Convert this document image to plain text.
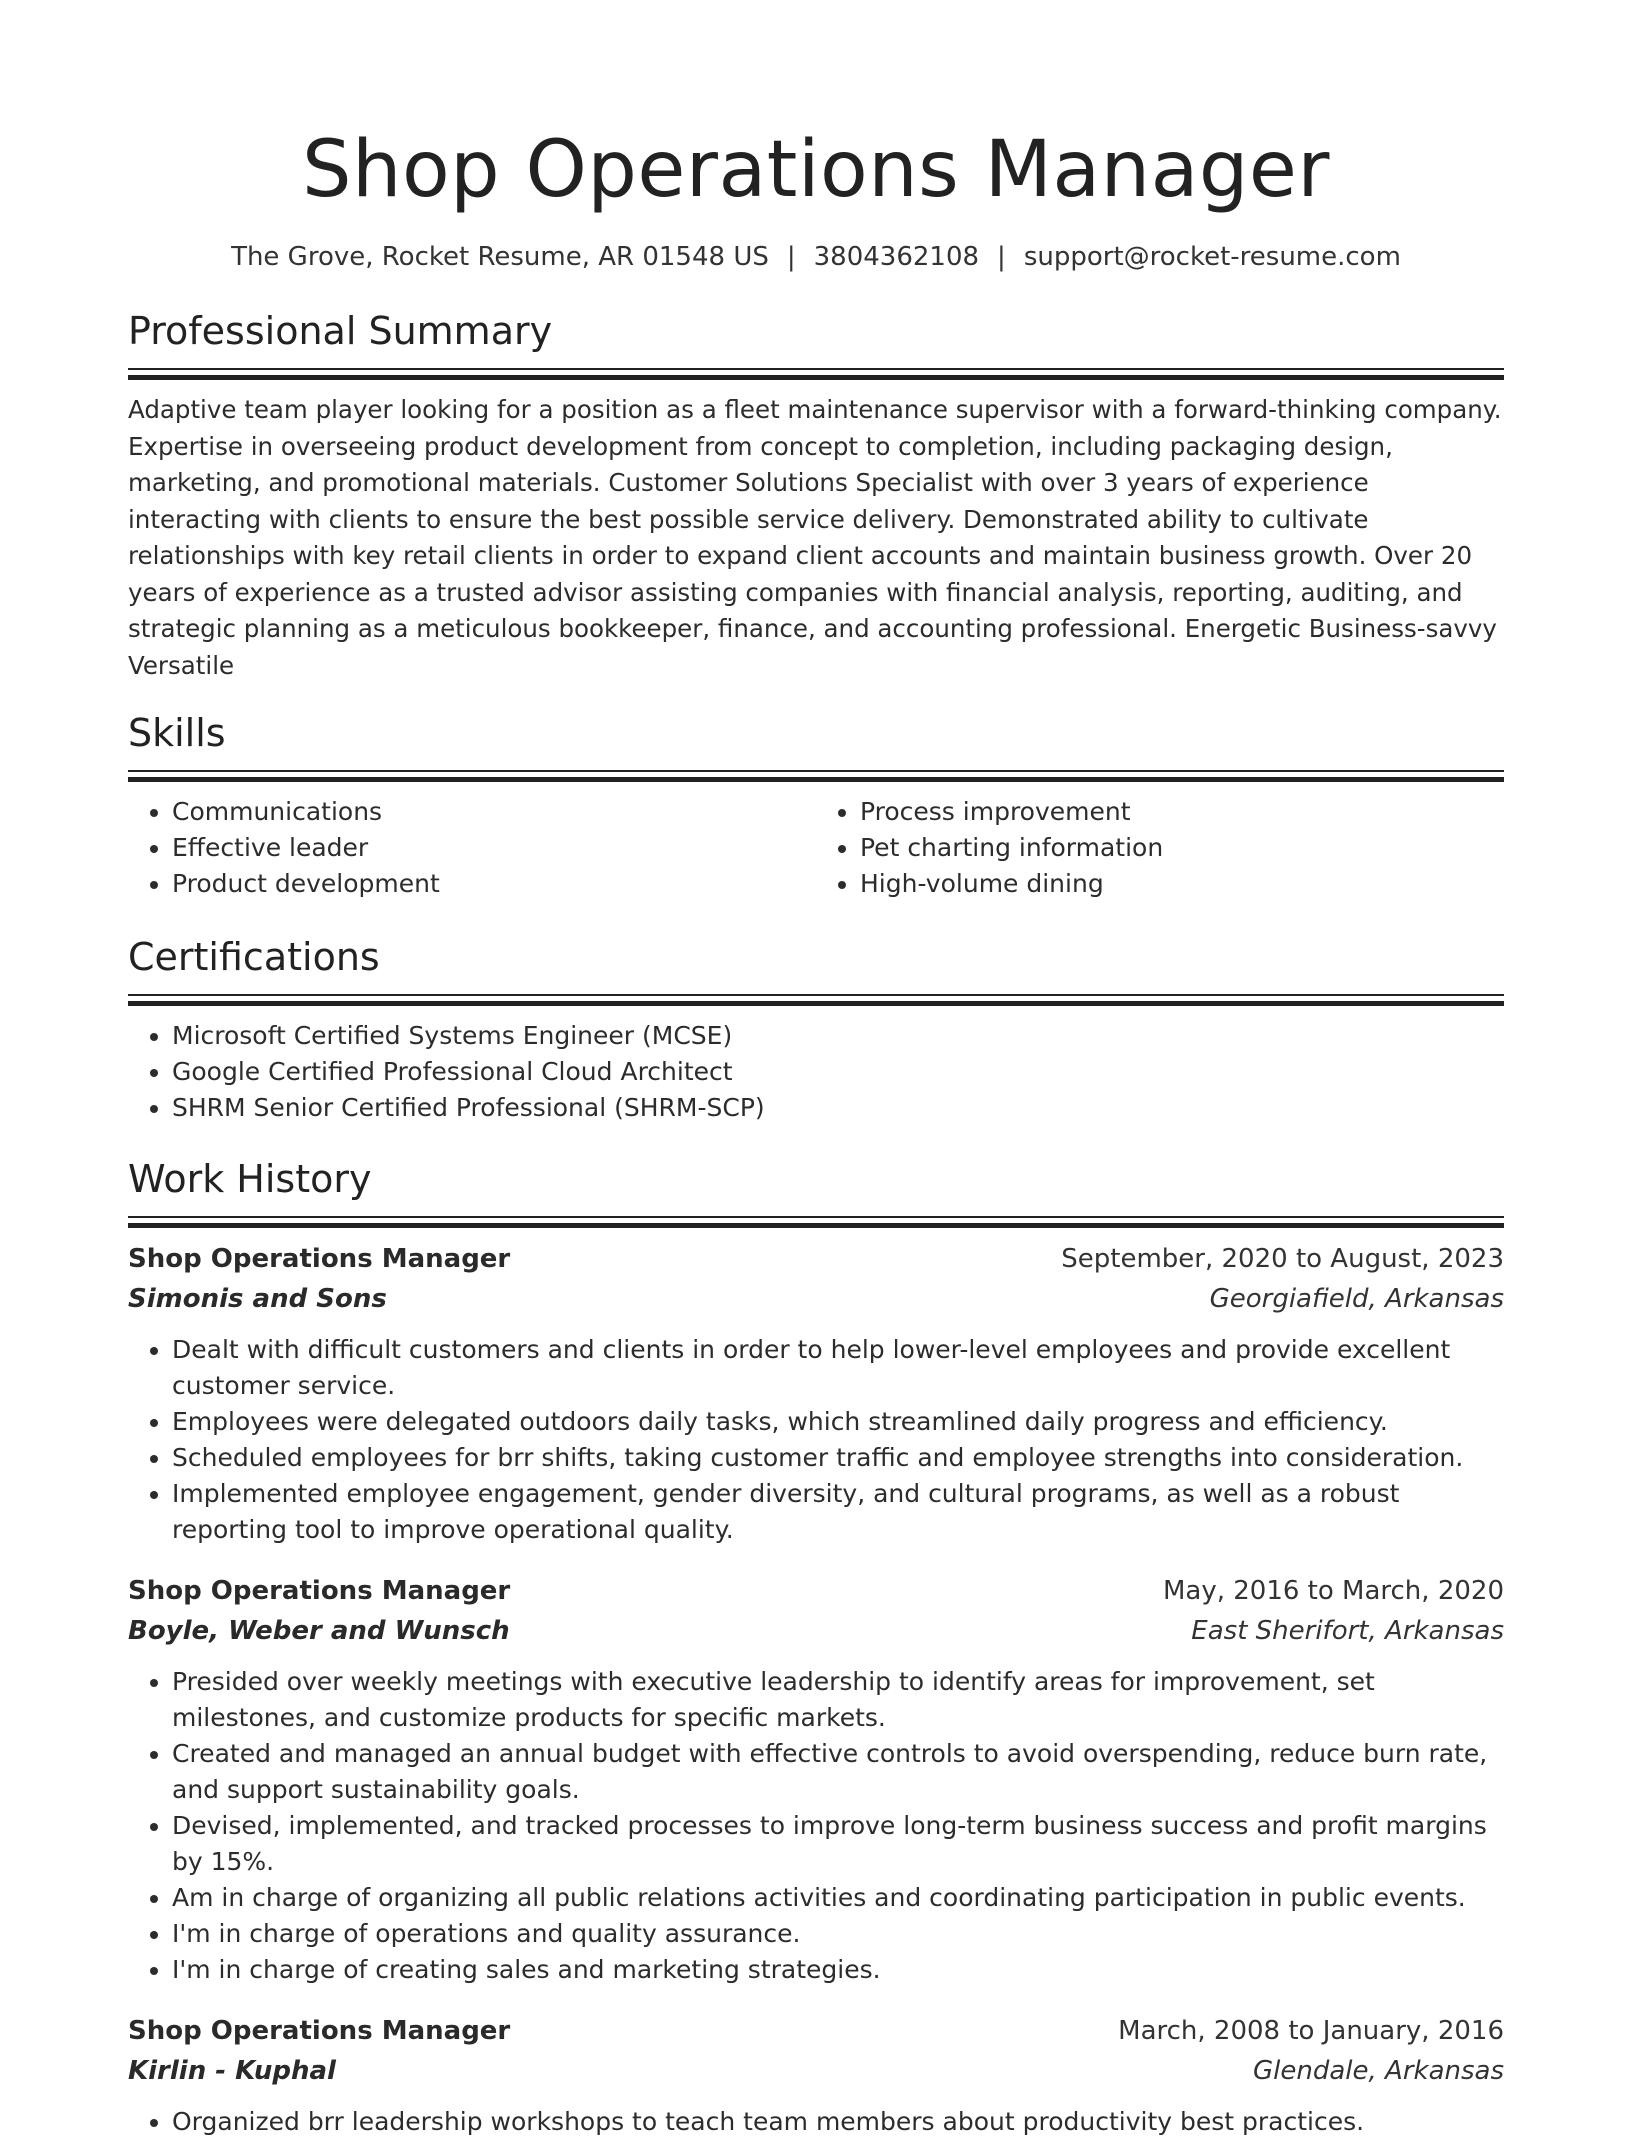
Shop Operations Manager
The Grove, Rocket Resume, AR 01548 US | 3804362108 | support@rocket-resume.com
Professional Summary

Adaptive team player looking for a position as a fleet maintenance supervisor with a forward-thinking company. Expertise in overseeing product development from concept to completion, including packaging design, marketing, and promotional materials. Customer Solutions Specialist with over 3 years of experience interacting with clients to ensure the best possible service delivery. Demonstrated ability to cultivate relationships with key retail clients in order to expand client accounts and maintain business growth. Over 20 years of experience as a trusted advisor assisting companies with financial analysis, reporting, auditing, and strategic planning as a meticulous bookkeeper, finance, and accounting professional. Energetic Business-savvy Versatile

Skills
• Communications
• Effective leader
• Product development
• Process improvement
• Pet charting information
• High-volume dining
Certifications
• Microsoft Certified Systems Engineer (MCSE)
• Google Certified Professional Cloud Architect
• SHRM Senior Certified Professional (SHRM-SCP)
Work History
Shop Operations Manager	September, 2020 to August, 2023
Simonis and Sons	Georgiafield, Arkansas
• Dealt with difficult customers and clients in order to help lower-level employees and provide excellent customer service.
• Employees were delegated outdoors daily tasks, which streamlined daily progress and efficiency.
• Scheduled employees for brr shifts, taking customer traffic and employee strengths into consideration.
• Implemented employee engagement, gender diversity, and cultural programs, as well as a robust reporting tool to improve operational quality.
Shop Operations Manager	May, 2016 to March, 2020
Boyle, Weber and Wunsch	East Sherifort, Arkansas
• Presided over weekly meetings with executive leadership to identify areas for improvement, set milestones, and customize products for specific markets.
• Created and managed an annual budget with effective controls to avoid overspending, reduce burn rate, and support sustainability goals.
• Devised, implemented, and tracked processes to improve long-term business success and profit margins by 15%.
• Am in charge of organizing all public relations activities and coordinating participation in public events.
• I'm in charge of operations and quality assurance.
• I'm in charge of creating sales and marketing strategies.
Shop Operations Manager	March, 2008 to January, 2016
Kirlin - Kuphal	Glendale, Arkansas
• Organized brr leadership workshops to teach team members about productivity best practices.
